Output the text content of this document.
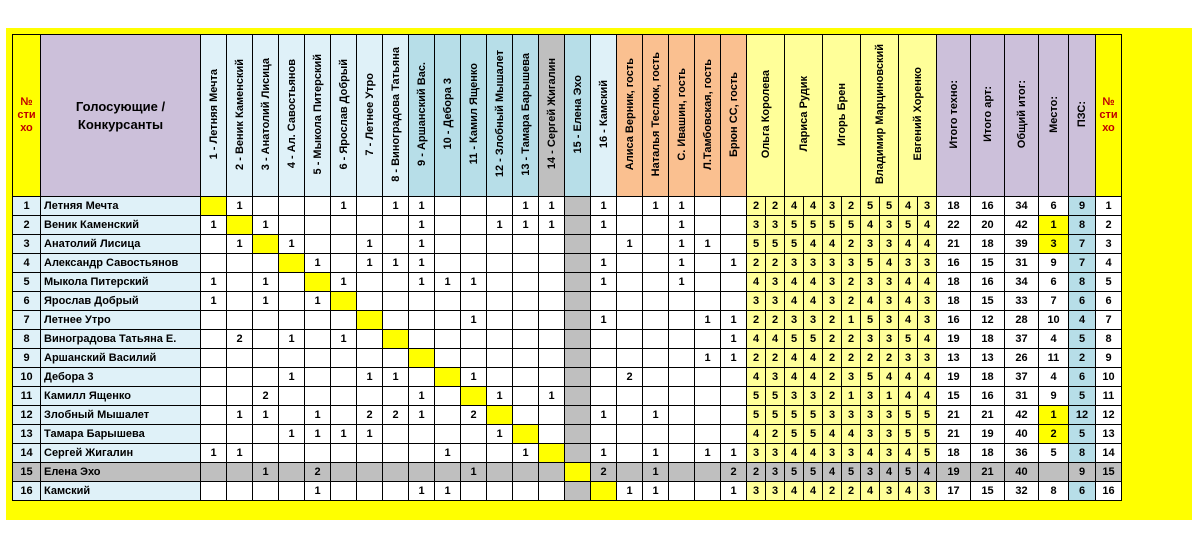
№ сти хо	Голосующие / Конкурсанты	1 - Летняя Мечта	2 - Веник Каменский	3 - Анатолий Лисица	4 - Ал. Савостьянов	5 - Мыкола Питерский	6 - Ярослав Добрый	7 - Летнее Утро	8 - Виноградова Татьяна	9 - Аршанский Вас.	10 - Дебора 3	11 - Камил Ященко	12 - Злобный Мышалет	13 - Тамара Барышева	14 - Сергей Жигалин	15 - Елена Эхо	16 - Камский	Алиса Верник, гость	Наталья Теслюк, гость	С. Ивашин, гость	Л.Тамбовская, гость	Брюн СС, гость	Ольга Королева		Лариса Рудик		Игорь Брен		Владимир Марциновский		Евгений Хоренко		Итого техно:	Итого арт:	Общий итог:	Место:	ПЗС:	№ сти хо
1	Летняя Мечта		1				1		1	1				1	1		1		1	1			2	2	4	4	3	2	5	5	4	3	18	16	34	6	9	1
2	Веник Каменский	1		1						1			1	1	1		1			1			3	3	5	5	5	5	4	3	5	4	22	20	42	1	8	2
3	Анатолий Лисица		1		1			1		1								1		1	1		5	5	5	4	4	2	3	3	4	4	21	18	39	3	7	3
4	Александр Савостьянов					1		1	1	1							1			1		1	2	2	3	3	3	3	5	4	3	3	16	15	31	9	7	4
5	Мыкола Питерский	1		1			1			1	1	1					1			1			4	3	4	4	3	2	3	3	4	4	18	16	34	6	8	5
6	Ярослав Добрый	1		1		1																	3	3	4	4	3	2	4	3	4	3	18	15	33	7	6	6
7	Летнее Утро											1					1				1	1	2	2	3	3	2	1	5	3	4	3	16	12	28	10	4	7
8	Виноградова Татьяна Е.		2		1		1															1	4	4	5	5	2	2	3	3	5	4	19	18	37	4	5	8
9	Аршанский Василий																				1	1	2	2	4	4	2	2	2	2	3	3	13	13	26	11	2	9
10	Дебора 3				1			1	1			1						2					4	3	4	4	2	3	5	4	4	4	19	18	37	4	6	10
11	Камилл Ященко			2						1			1		1								5	5	3	3	2	1	3	1	4	4	15	16	31	9	5	11
12	Злобный Мышалет		1	1		1		2	2	1		2					1		1				5	5	5	5	3	3	3	3	5	5	21	21	42	1	12	12
13	Тамара Барышева				1	1	1	1					1										4	2	5	5	4	4	3	3	5	5	21	19	40	2	5	13
14	Сергей Жигалин	1	1								1			1			1		1		1	1	3	3	4	4	3	3	4	3	4	5	18	18	36	5	8	14
15	Елена Эхо			1		2						1					2		1			2	2	3	5	5	4	5	3	4	5	4	19	21	40		9	15
16	Камский					1				1	1							1	1			1	3	3	4	4	2	2	4	3	4	3	17	15	32	8	6	16
